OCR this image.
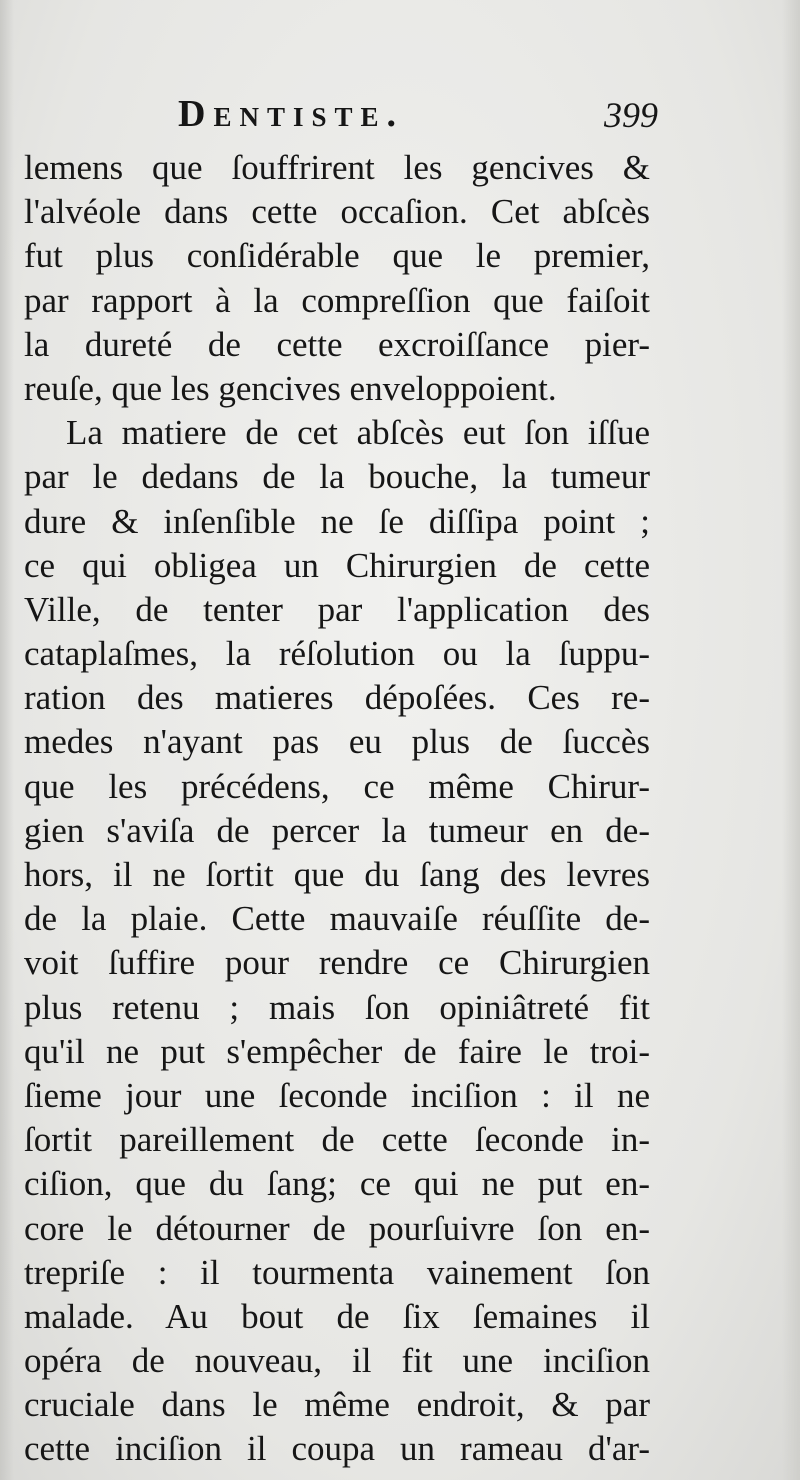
Dentiste.	399
lemens que ſouffrirent les gencives &
l'alvéole dans cette occaſion. Cet abſcès
fut plus conſidérable que le premier,
par rapport à la compreſſion que faiſoit
la dureté de cette excroiſſance pier-
reuſe, que les gencives enveloppoient.
La matiere de cet abſcès eut ſon iſſue
par le dedans de la bouche, la tumeur
dure & inſenſible ne ſe diſſipa point ;
ce qui obligea un Chirurgien de cette
Ville, de tenter par l'application des
cataplaſmes, la réſolution ou la ſuppu-
ration des matieres dépoſées. Ces re-
medes n'ayant pas eu plus de ſuccès
que les précédens, ce même Chirur-
gien s'aviſa de percer la tumeur en de-
hors, il ne ſortit que du ſang des levres
de la plaie. Cette mauvaiſe réuſſite de-
voit ſuffire pour rendre ce Chirurgien
plus retenu ; mais ſon opiniâtreté fit
qu'il ne put s'empêcher de faire le troi-
ſieme jour une ſeconde inciſion : il ne
ſortit pareillement de cette ſeconde in-
ciſion, que du ſang; ce qui ne put en-
core le détourner de pourſuivre ſon en-
trepriſe : il tourmenta vainement ſon
malade. Au bout de ſix ſemaines il
opéra de nouveau, il fit une inciſion
cruciale dans le même endroit, & par
cette inciſion il coupa un rameau d'ar-
